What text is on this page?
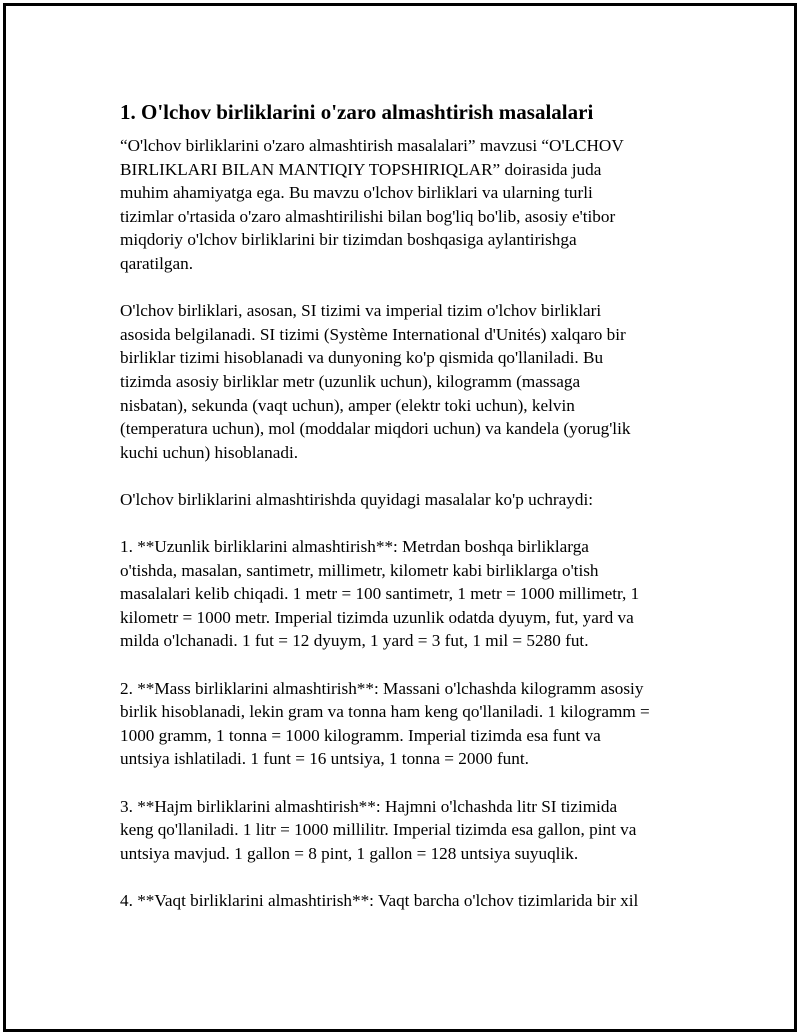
1. O'lchov birliklarini o'zaro almashtirish masalalari
“O'lchov birliklarini o'zaro almashtirish masalalari” mavzusi “O'LCHOV
BIRLIKLARI BILAN MANTIQIY TOPSHIRIQLAR” doirasida juda
muhim ahamiyatga ega. Bu mavzu o'lchov birliklari va ularning turli
tizimlar o'rtasida o'zaro almashtirilishi bilan bog'liq bo'lib, asosiy e'tibor
miqdoriy o'lchov birliklarini bir tizimdan boshqasiga aylantirishga
qaratilgan.
O'lchov birliklari, asosan, SI tizimi va imperial tizim o'lchov birliklari
asosida belgilanadi. SI tizimi (Système International d'Unités) xalqaro bir
birliklar tizimi hisoblanadi va dunyoning ko'p qismida qo'llaniladi. Bu
tizimda asosiy birliklar metr (uzunlik uchun), kilogramm (massaga
nisbatan), sekunda (vaqt uchun), amper (elektr toki uchun), kelvin
(temperatura uchun), mol (moddalar miqdori uchun) va kandela (yorug'lik
kuchi uchun) hisoblanadi.
O'lchov birliklarini almashtirishda quyidagi masalalar ko'p uchraydi:
1. **Uzunlik birliklarini almashtirish**: Metrdan boshqa birliklarga
o'tishda, masalan, santimetr, millimetr, kilometr kabi birliklarga o'tish
masalalari kelib chiqadi. 1 metr = 100 santimetr, 1 metr = 1000 millimetr, 1
kilometr = 1000 metr. Imperial tizimda uzunlik odatda dyuym, fut, yard va
milda o'lchanadi. 1 fut = 12 dyuym, 1 yard = 3 fut, 1 mil = 5280 fut.
2. **Mass birliklarini almashtirish**: Massani o'lchashda kilogramm asosiy
birlik hisoblanadi, lekin gram va tonna ham keng qo'llaniladi. 1 kilogramm =
1000 gramm, 1 tonna = 1000 kilogramm. Imperial tizimda esa funt va
untsiya ishlatiladi. 1 funt = 16 untsiya, 1 tonna = 2000 funt.
3. **Hajm birliklarini almashtirish**: Hajmni o'lchashda litr SI tizimida
keng qo'llaniladi. 1 litr = 1000 millilitr. Imperial tizimda esa gallon, pint va
untsiya mavjud. 1 gallon = 8 pint, 1 gallon = 128 untsiya suyuqlik.
4. **Vaqt birliklarini almashtirish**: Vaqt barcha o'lchov tizimlarida bir xil
